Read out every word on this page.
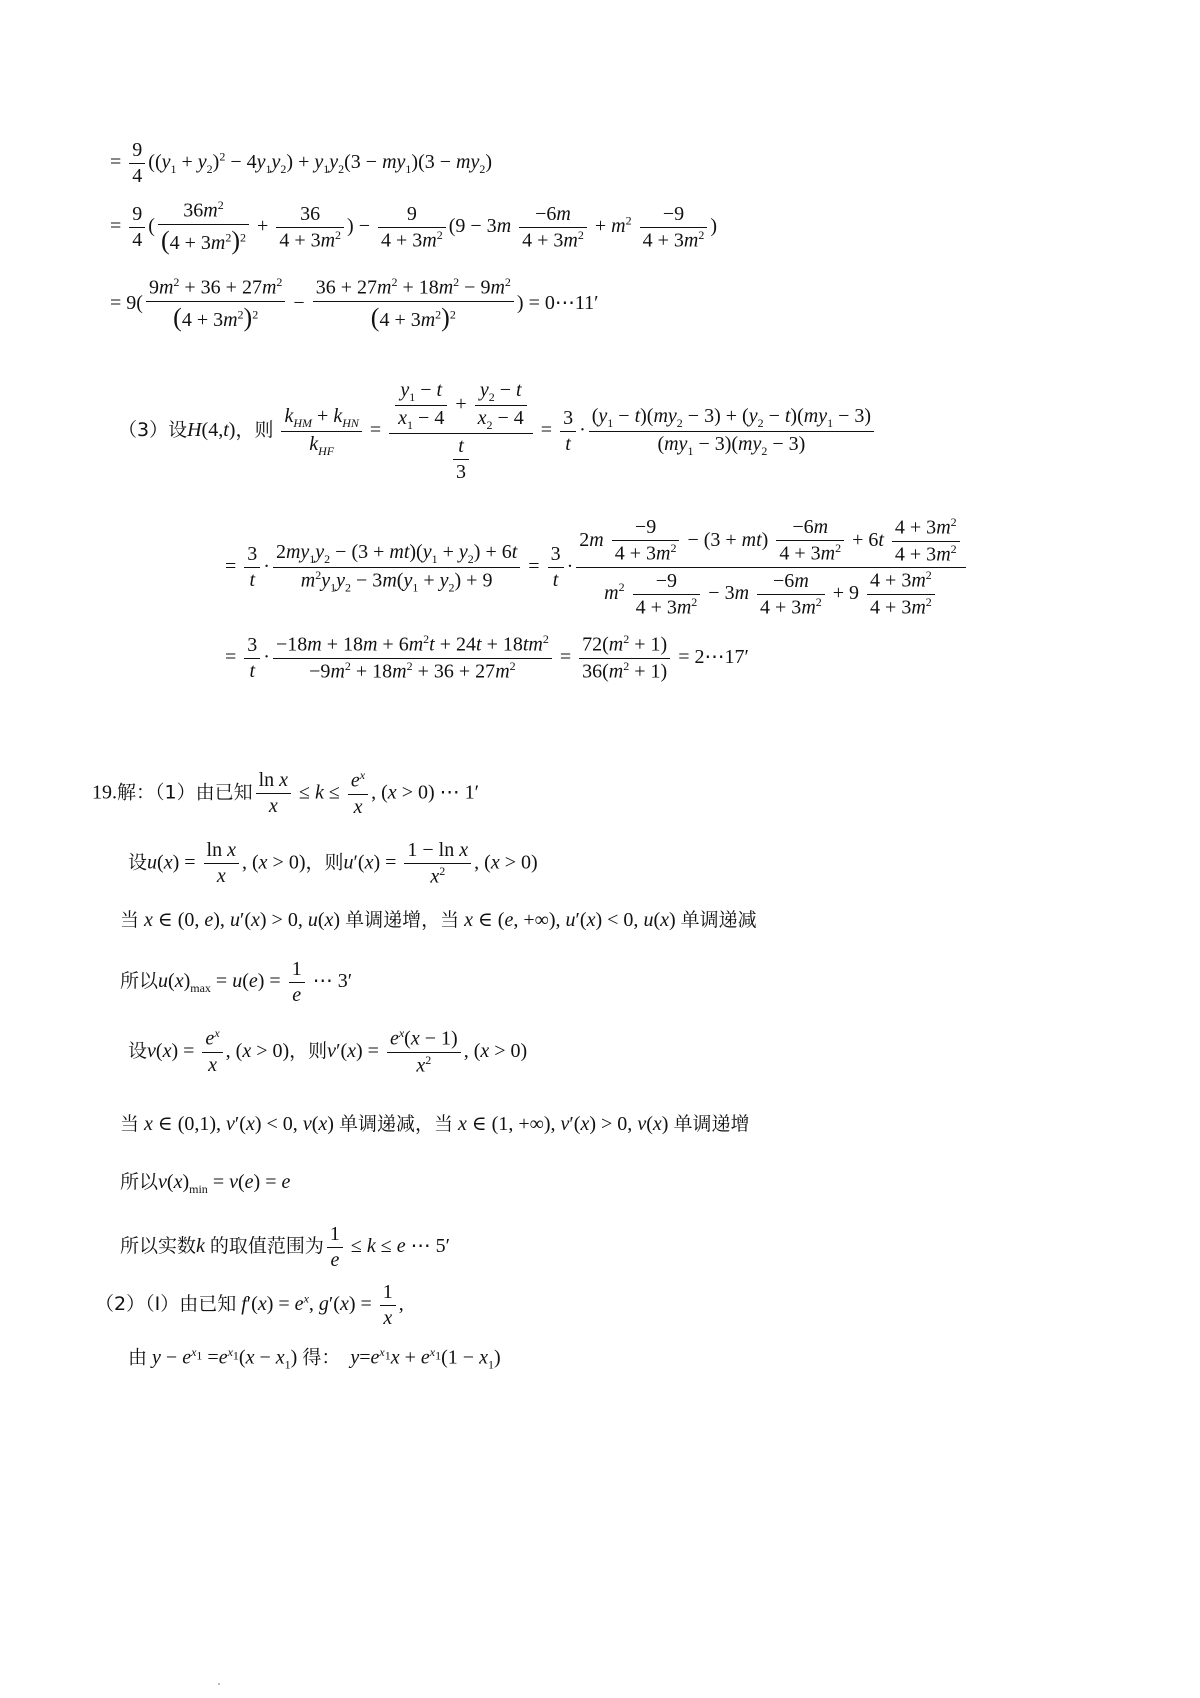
= $\frac{9}{4} ((y_1 + y_2)^2 - 4y_1y_2) + y_1y_2(3 - my_1)(3 - my_2)$
= $\frac{9}{4}$ ( $\frac{36m^2}{(4 + 3m^2)^2} + \frac{36}{4 + 3m^2}$ ) − $\frac{9}{4 + 3m^2} (9 - 3m \frac{-6m}{4 + 3m^2} + m^2 \frac{-9}{4 + 3m^2}$ )
= $9( \frac{9m^2 + 36 + 27m^2}{(4 + 3m^2)^2} - \frac{36 + 27m^2 + 18m^2 - 9m^2}{(4 + 3m^2)^2}$ ) = 0⋯11′
（3）设H(4,t)，则 $\frac{k_{HM} + k_{HN}}{k_{HF}} = \frac{\frac{y_1 - t}{x_1 - 4} + \frac{y_2 - t}{x_2 - 4}}{\frac{t}{3}} = \frac{3}{t} \cdot \frac{(y_1 - t)(my_2 - 3) + (y_2 - t)(my_1 - 3)}{(my_1 - 3)(my_2 - 3)}$
= $\frac{3}{t} \cdot \frac{2my_1y_2 - (3 + mt)(y_1 + y_2) + 6t}{m^2y_1y_2 - 3m(y_1 + y_2) + 9} = \frac{3}{t} \cdot \frac{2m \frac{-9}{4 + 3m^2} - (3 + mt) \frac{-6m}{4 + 3m^2} + 6t \frac{4 + 3m^2}{4 + 3m^2}}{m^2 \frac{-9}{4 + 3m^2} - 3m \frac{-6m}{4 + 3m^2} + 9 \frac{4 + 3m^2}{4 + 3m^2}}$
= $\frac{3}{t} \cdot \frac{-18m + 18m + 6m^2t + 24t + 18tm^2}{-9m^2 + 18m^2 + 36 + 27m^2} = \frac{72(m^2 + 1)}{36(m^2 + 1)}$ = 2⋯17′
19.解：（1）由已知 $\frac{\text{ln x}}{x} \le k \le \frac{e^x}{x}$ , (x > 0) ⋯ 1′
设$u(x) = \frac{\text{ln x}}{x}$ , (x > 0)，则$u'(x) = \frac{\text{1 − ln x}}{x^2}$ , (x > 0)
当 x ∈ (0, e), u′(x) > 0, u(x) 单调递增，当 x ∈ (e, +∞), u′(x) < 0, u(x) 单调递减
所以$u(x)_{max} = u(e) = \frac{1}{e}$ ⋯ 3′
设$v(x) = \frac{e^x}{x}$ , (x > 0)，则$v'(x) = \frac{e^x(x - 1)}{x^2}$ , (x > 0)
当 x ∈ (0,1), v′(x) < 0, v(x) 单调递减，当 x ∈ (1, +∞), v′(x) > 0, v(x) 单调递增
所以$v(x)_{min} = v(e) = e$
所以实数k 的取值范围为 $\frac{1}{e} \le k \le e$ ⋯ 5′
（2）（Ⅰ）由已知 $f'(x) = e^x$, $g'(x) = \frac{1}{x}$ ,
由 $y - e^{x_1} =e^{x_1}(x - x_1)$ 得： $y=e^{x_1}x + e^{x_1}(1 - x_1)$
